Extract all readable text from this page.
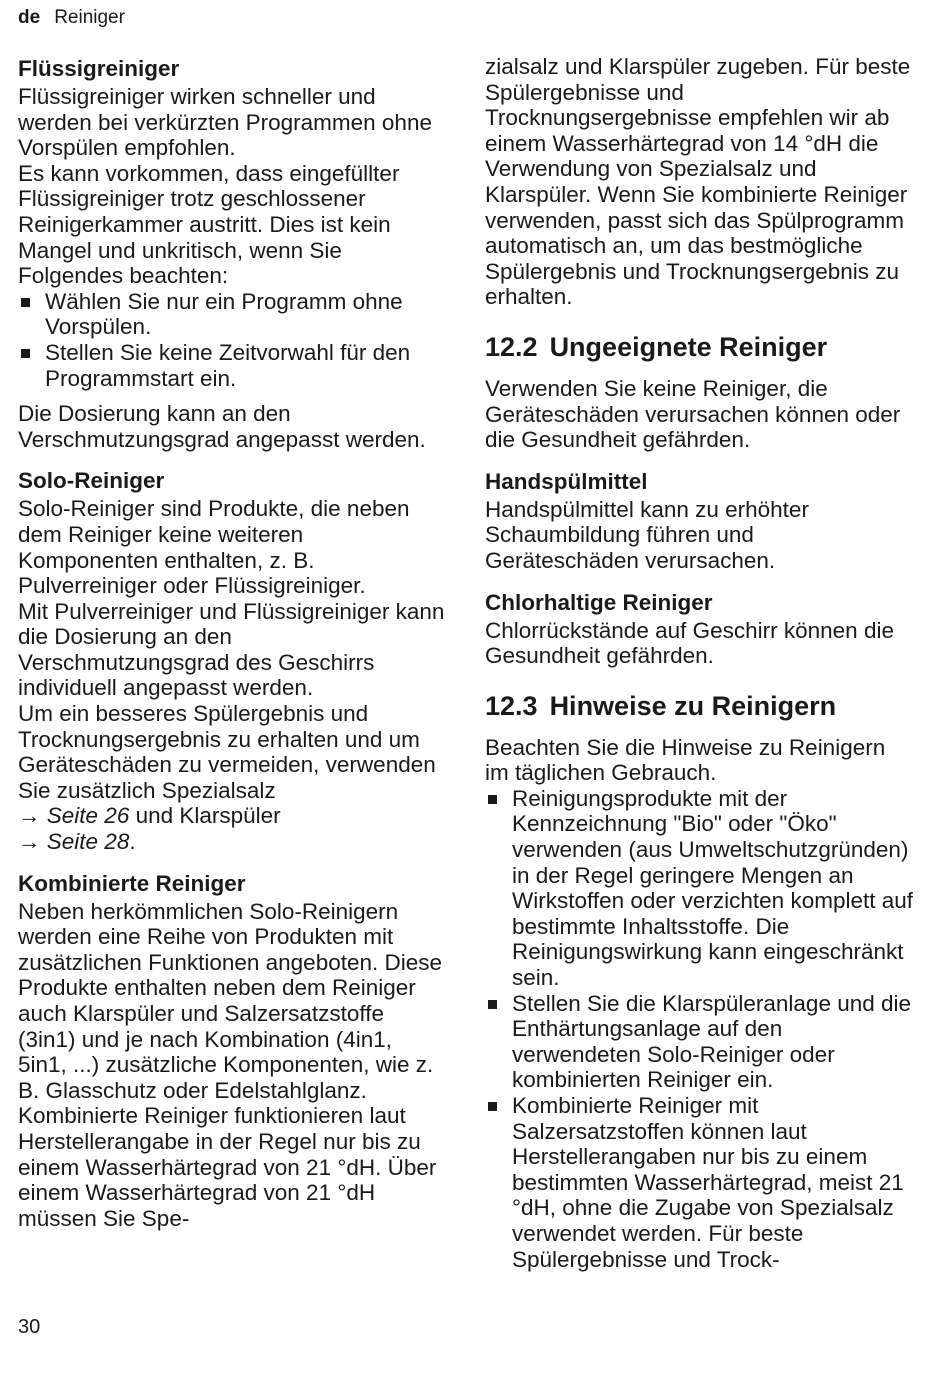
de Reiniger
Flüssigreiniger

Flüssigreiniger wirken schneller und werden bei verkürzten Programmen ohne Vorspülen empfohlen.

Es kann vorkommen, dass eingefüllter Flüssigreiniger trotz geschlossener Reinigerkammer austritt. Dies ist kein Mangel und unkritisch, wenn Sie Folgendes beachten:

Wählen Sie nur ein Programm ohne Vorspülen.
Stellen Sie keine Zeitvorwahl für den Programmstart ein.

Die Dosierung kann an den Verschmutzungsgrad angepasst werden.

Solo-Reiniger

Solo-Reiniger sind Produkte, die neben dem Reiniger keine weiteren Komponenten enthalten, z. B. Pulverreiniger oder Flüssigreiniger.

Mit Pulverreiniger und Flüssigreiniger kann die Dosierung an den Verschmutzungsgrad des Geschirrs individuell angepasst werden.

Um ein besseres Spülergebnis und Trocknungsergebnis zu erhalten und um Geräteschäden zu vermeiden, verwenden Sie zusätzlich Spezialsalz
→ Seite 26 und Klarspüler
→ Seite 28.

Kombinierte Reiniger

Neben herkömmlichen Solo-Reinigern werden eine Reihe von Produkten mit zusätzlichen Funktionen angeboten. Diese Produkte enthalten neben dem Reiniger auch Klarspüler und Salzersatzstoffe (3in1) und je nach Kombination (4in1, 5in1, ...) zusätzliche Komponenten, wie z. B. Glasschutz oder Edelstahlglanz.

Kombinierte Reiniger funktionieren laut Herstellerangabe in der Regel nur bis zu einem Wasserhärtegrad von 21 °dH. Über einem Wasserhärtegrad von 21 °dH müssen Sie Spe-

zialsalz und Klarspüler zugeben. Für beste Spülergebnisse und Trocknungsergebnisse empfehlen wir ab einem Wasserhärtegrad von 14 °dH die Verwendung von Spezialsalz und Klarspüler. Wenn Sie kombinierte Reiniger verwenden, passt sich das Spülprogramm automatisch an, um das bestmögliche Spülergebnis und Trocknungsergebnis zu erhalten.

12.2 Ungeeignete Reiniger

Verwenden Sie keine Reiniger, die Geräteschäden verursachen können oder die Gesundheit gefährden.

Handspülmittel

Handspülmittel kann zu erhöhter Schaumbildung führen und Geräteschäden verursachen.

Chlorhaltige Reiniger

Chlorrückstände auf Geschirr können die Gesundheit gefährden.

12.3 Hinweise zu Reinigern

Beachten Sie die Hinweise zu Reinigern im täglichen Gebrauch.

Reinigungsprodukte mit der Kennzeichnung "Bio" oder "Öko" verwenden (aus Umweltschutzgründen) in der Regel geringere Mengen an Wirkstoffen oder verzichten komplett auf bestimmte Inhaltsstoffe. Die Reinigungswirkung kann eingeschränkt sein.
Stellen Sie die Klarspüleranlage und die Enthärtungsanlage auf den verwendeten Solo-Reiniger oder kombinierten Reiniger ein.
Kombinierte Reiniger mit Salzersatzstoffen können laut Herstellerangaben nur bis zu einem bestimmten Wasserhärtegrad, meist 21 °dH, ohne die Zugabe von Spezialsalz verwendet werden. Für beste Spülergebnisse und Trock-
30
